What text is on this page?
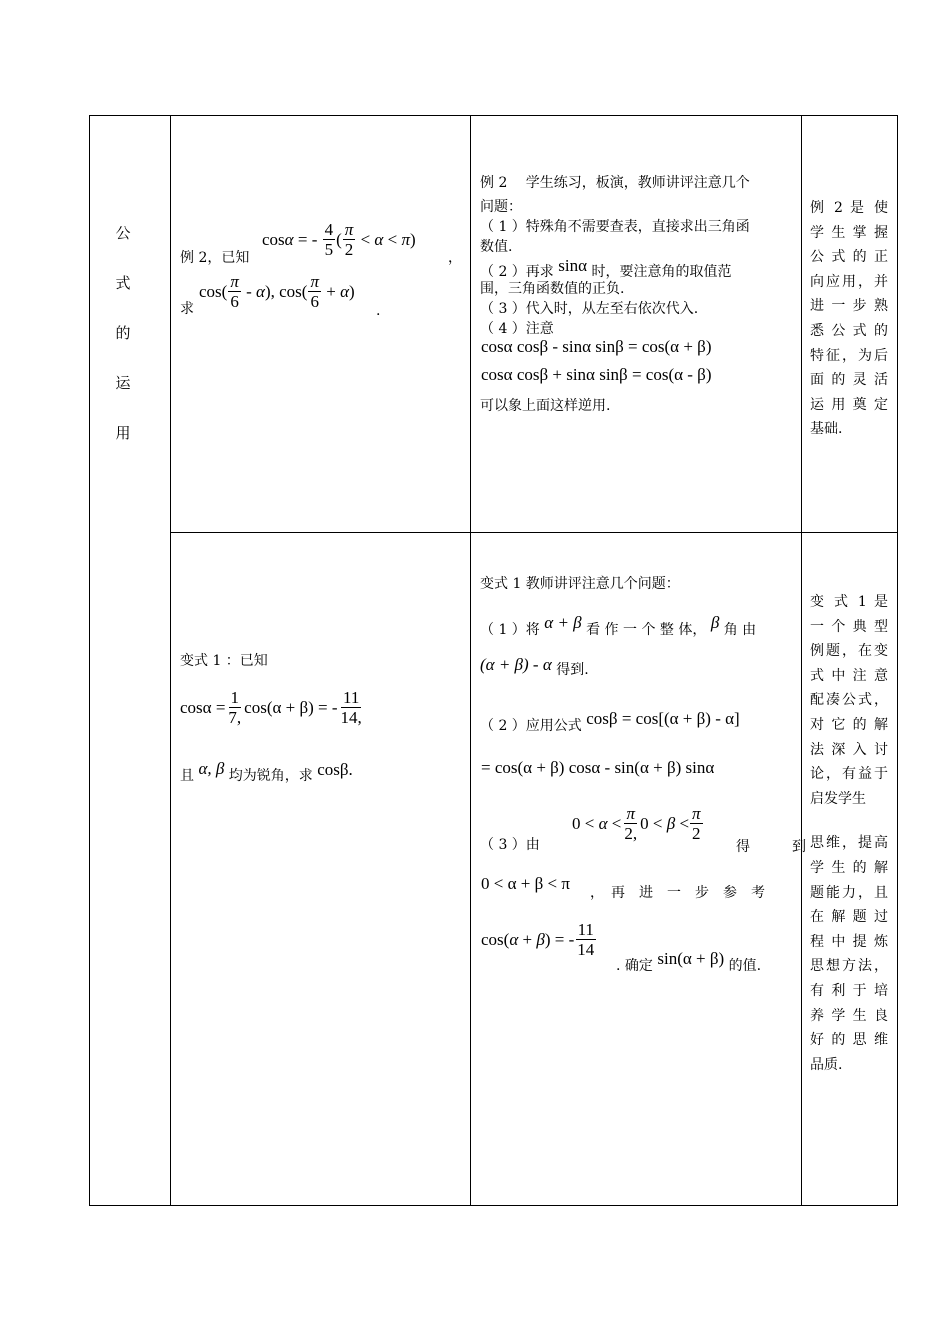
公
式
的
运
用
cos α = - $\frac{4}{5}$ ( $\frac{\pi}{2} < \alpha < \pi$ )
例 2，已知	，
求
$\cos( \frac{\pi}{6}$ - α ), $\cos( \frac{\pi}{6} + \alpha$ )
.
例 2　 学生练习，板演，教师讲评注意几个
问题：
（ 1 ）特殊角不需要查表，直接求出三角函
数值.
（ 2 ）再求 sinα 时，要注意角的取值范
围，三角函数值的正负.
（ 3 ）代入时，从左至右依次代入.
（ 4 ）注意
cosα cosβ - sinα sinβ = cos(α + β)
cosα cosβ + sinα sinβ = cos(α - β)
可以象上面这样逆用.
例 2 是 使
学 生 掌 握
公 式 的 正
向应用，并
进 一 步 熟
悉 公 式 的
特征，为后
面 的 灵 活
运 用 奠 定
基础.
变式 1 ：已知
$\cos\alpha = \frac{1}{7,} \cos(\alpha + \beta)$ = - $\frac{11}{14,}$
且 α, β 均为锐角，求 cosβ.
变式 1 教师讲评注意几个问题：
（ 1 ）将 α + β 看 作 一 个 整 体， β 角 由
(α + β) - α 得到.
（ 2 ）应用公式 cosβ = cos[(α + β) - α]
= cos(α + β) cosα - sin(α + β) sinα
（ 3 ）由
$0 < \alpha < \frac{\pi}{2,} 0 < \beta < \frac{\pi}{2}$
得　　　到
0 < α + β < π ，　再　进　一　步　参　考
cos( α + β ) = - $\frac{11}{14}$
. 确定 sin(α + β) 的值.
变 式 1 是
一 个 典 型
例题，在变
式 中 注 意
配凑公式，
对 它 的 解
法 深 入 讨
论，有益于
启发学生
思维，提高
学 生 的 解
题能力，且
在 解 题 过
程 中 提 炼
思想方法，
有 利 于 培
养 学 生 良
好 的 思 维
品质.
